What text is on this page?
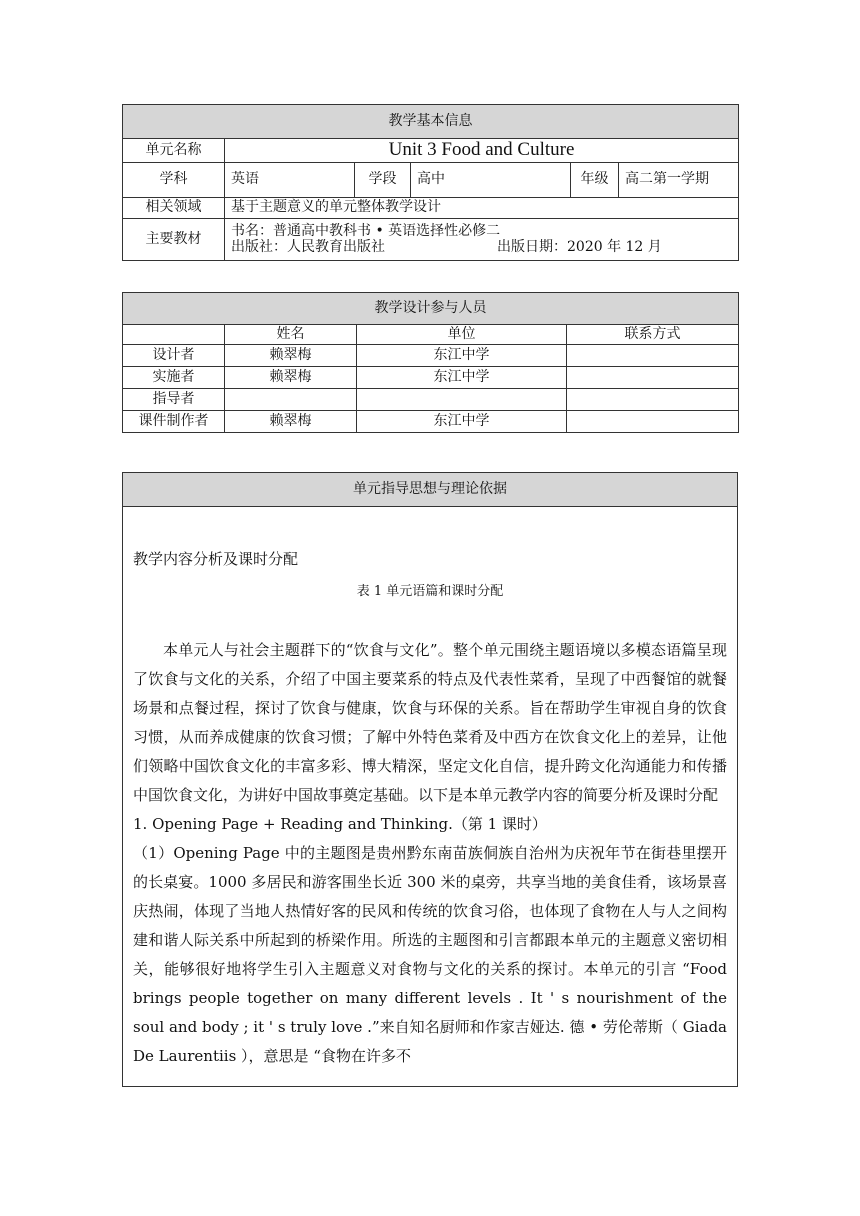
教学基本信息					
单元名称	Unit 3 Food and Culture				
学科	英语	学段	高中	年级	高二第一学期
相关领域	基于主题意义的单元整体教学设计				
主要教材	书名：普通高中教科书 • 英语选择性必修二
出版社：人民教育出版社 出版日期：2020 年 12 月				
教学设计参与人员			
	姓名	单位	联系方式
设计者	赖翠梅	东江中学	
实施者	赖翠梅	东江中学	
指导者			
课件制作者	赖翠梅	东江中学	
单元指导思想与理论依据

教学内容分析及课时分配

表 1 单元语篇和课时分配

本单元人与社会主题群下的“饮食与文化”。整个单元围绕主题语境以多模态语篇呈现了饮食与文化的关系，介绍了中国主要菜系的特点及代表性菜肴，呈现了中西餐馆的就餐场景和点餐过程，探讨了饮食与健康，饮食与环保的关系。旨在帮助学生审视自身的饮食习惯，从而养成健康的饮食习惯；了解中外特色菜肴及中西方在饮食文化上的差异，让他们领略中国饮食文化的丰富多彩、博大精深，坚定文化自信，提升跨文化沟通能力和传播中国饮食文化，为讲好中国故事奠定基础。以下是本单元教学内容的简要分析及课时分配

1. Opening Page + Reading and Thinking.（第 1 课时）

（1）Opening Page 中的主题图是贵州黔东南苗族侗族自治州为庆祝年节在街巷里摆开的长桌宴。1000 多居民和游客围坐长近 300 米的桌旁，共享当地的美食佳肴，该场景喜庆热闹，体现了当地人热情好客的民风和传统的饮食习俗，也体现了食物在人与人之间构建和谐人际关系中所起到的桥梁作用。所选的主题图和引言都跟本单元的主题意义密切相关，能够很好地将学生引入主题意义对食物与文化的关系的探讨。本单元的引言 “Food brings people together on many different levels . It ' s nourishment of the soul and body ; it ' s truly love .”来自知名厨师和作家吉娅达. 德 • 劳伦蒂斯（ Giada De Laurentiis ），意思是 “食物在许多不
